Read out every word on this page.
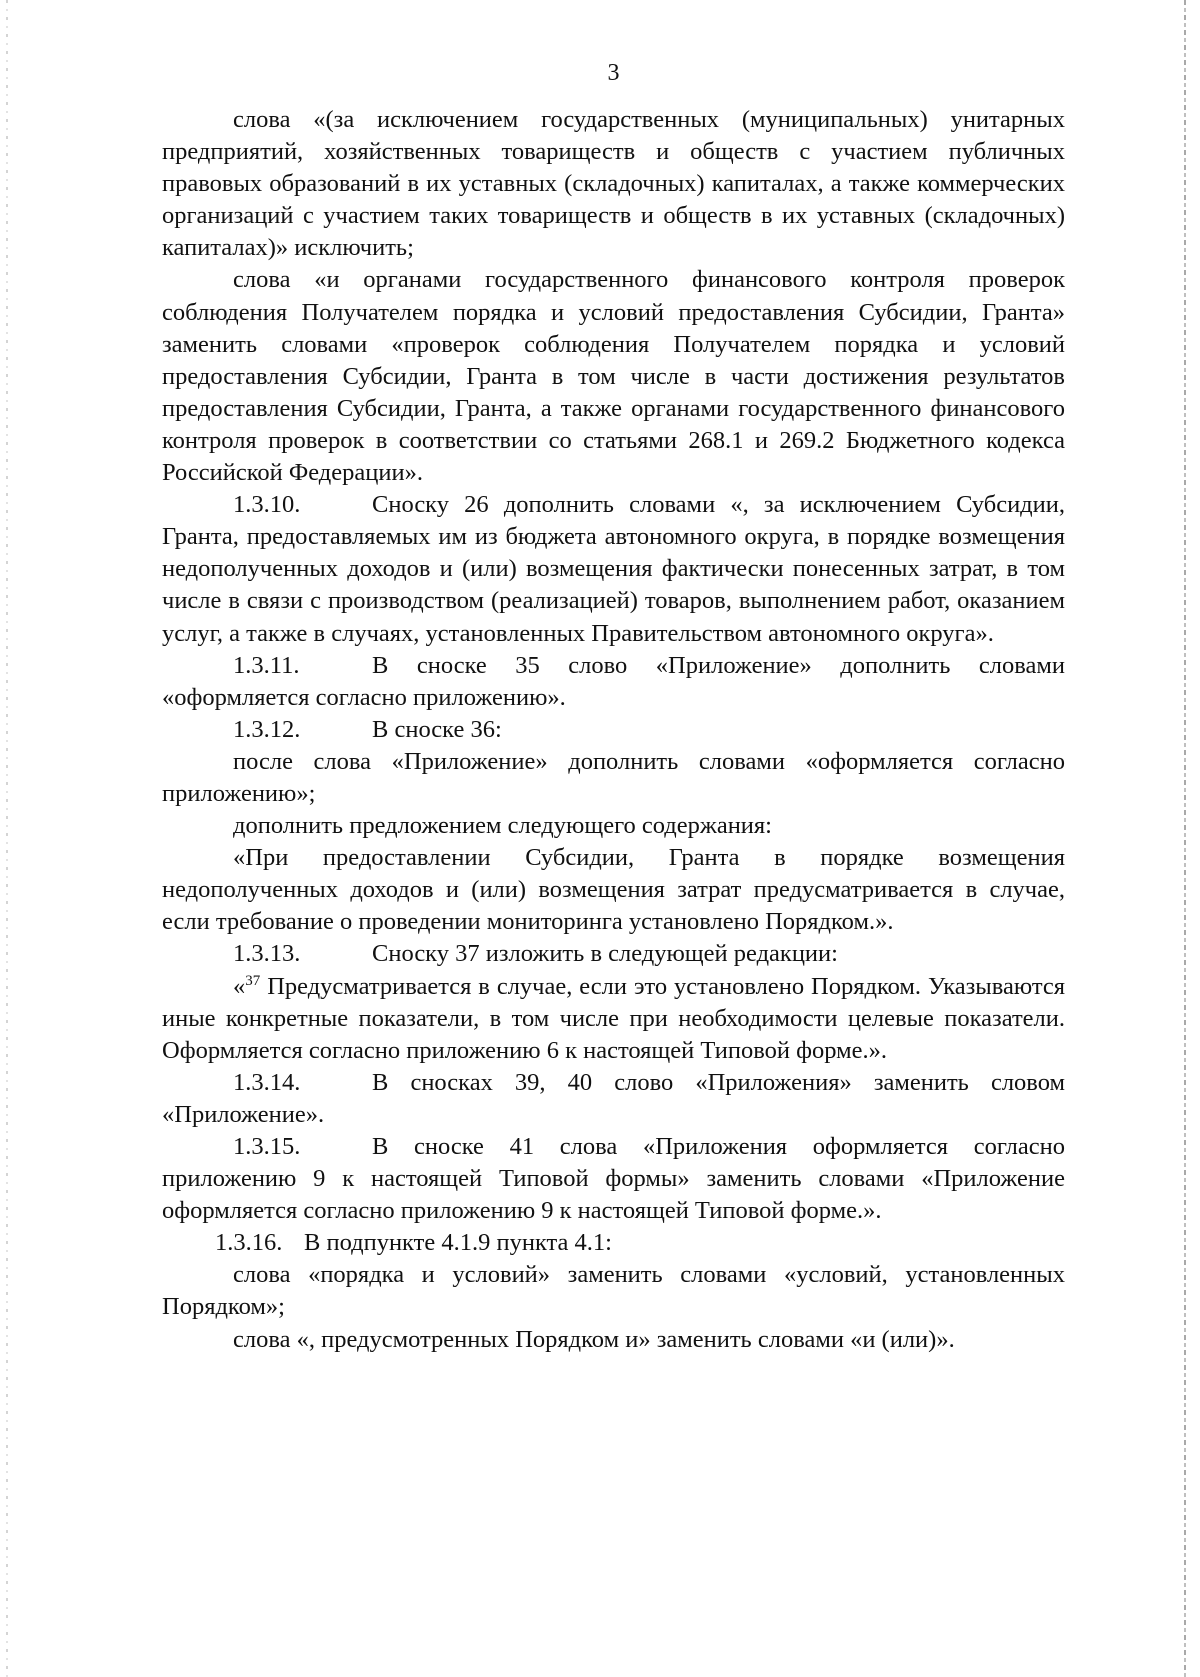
3

слова «(за исключением государственных (муниципальных) унитарных предприятий, хозяйственных товариществ и обществ с участием публичных правовых образований в их уставных (складочных) капиталах, а также коммерческих организаций с участием таких товариществ и обществ в их уставных (складочных) капиталах)» исключить;

слова «и органами государственного финансового контроля проверок соблюдения Получателем порядка и условий предоставления Субсидии, Гранта» заменить словами «проверок соблюдения Получателем порядка и условий предоставления Субсидии, Гранта в том числе в части достижения результатов предоставления Субсидии, Гранта, а также органами государственного финансового контроля проверок в соответствии со статьями 268.1 и 269.2 Бюджетного кодекса Российской Федерации».

1.3.10.	Сноску 26 дополнить словами «, за исключением Субсидии, Гранта, предоставляемых им из бюджета автономного округа, в порядке возмещения недополученных доходов и (или) возмещения фактически понесенных затрат, в том числе в связи с производством (реализацией) товаров, выполнением работ, оказанием услуг, а также в случаях, установленных Правительством автономного округа».

1.3.11.	В сноске 35 слово «Приложение» дополнить словами «оформляется согласно приложению».

1.3.12.	В сноске 36:

после слова «Приложение» дополнить словами «оформляется согласно приложению»;

дополнить предложением следующего содержания:

«При предоставлении Субсидии, Гранта в порядке возмещения недополученных доходов и (или) возмещения затрат предусматривается в случае, если требование о проведении мониторинга установлено Порядком.».

1.3.13.	Сноску 37 изложить в следующей редакции:

«$^{37}$ Предусматривается в случае, если это установлено Порядком. Указываются иные конкретные показатели, в том числе при необходимости целевые показатели. Оформляется согласно приложению 6 к настоящей Типовой форме.».

1.3.14.	В сносках 39, 40 слово «Приложения» заменить словом «Приложение».

1.3.15.	В сноске 41 слова «Приложения оформляется согласно приложению 9 к настоящей Типовой формы» заменить словами «Приложение оформляется согласно приложению 9 к настоящей Типовой форме.».

1.3.16. В подпункте 4.1.9 пункта 4.1:

слова «порядка и условий» заменить словами «условий, установленных Порядком»;

слова «, предусмотренных Порядком и» заменить словами «и (или)».
